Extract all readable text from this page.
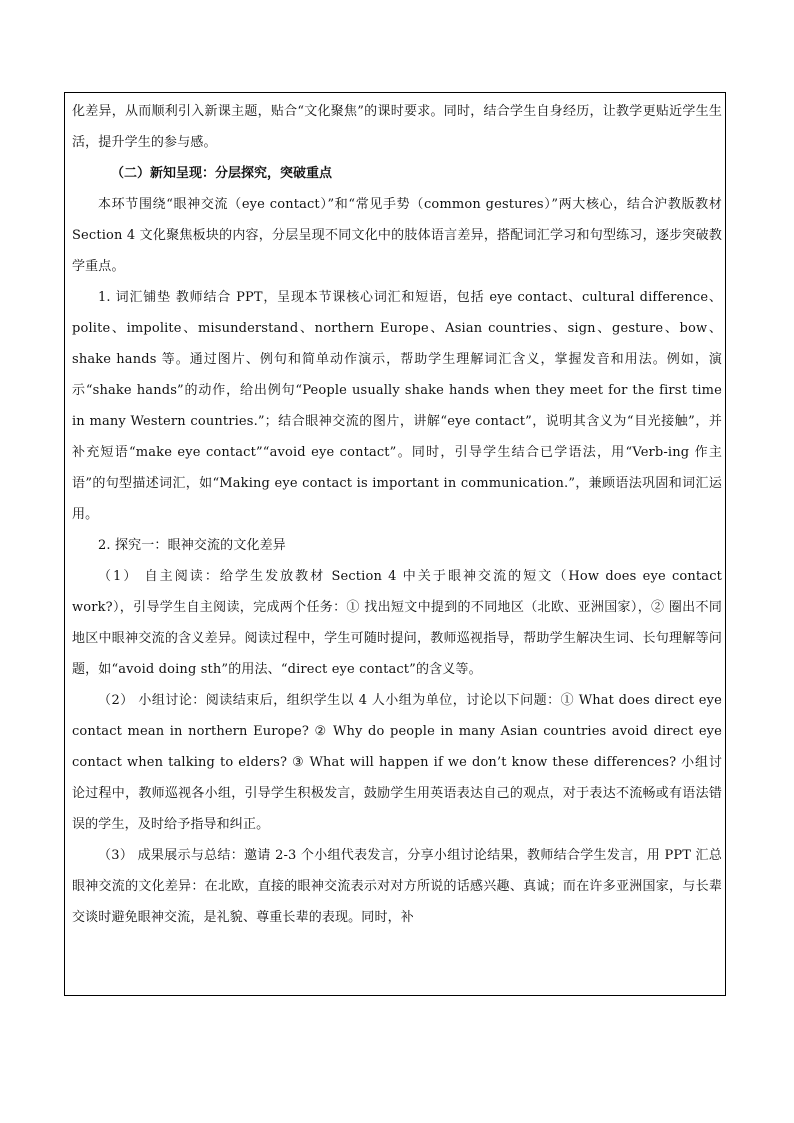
化差异，从而顺利引入新课主题，贴合“文化聚焦”的课时要求。同时，结合学生自身经历，让教学更贴近学生生活，提升学生的参与感。

（二）新知呈现：分层探究，突破重点

本环节围绕“眼神交流（eye contact）”和“常见手势（common gestures）”两大核心，结合沪教版教材 Section 4 文化聚焦板块的内容，分层呈现不同文化中的肢体语言差异，搭配词汇学习和句型练习，逐步突破教学重点。

1. 词汇铺垫 教师结合 PPT，呈现本节课核心词汇和短语，包括 eye contact、cultural difference、polite、impolite、misunderstand、northern Europe、Asian countries、sign、gesture、bow、shake hands 等。通过图片、例句和简单动作演示，帮助学生理解词汇含义，掌握发音和用法。例如，演示“shake hands”的动作，给出例句“People usually shake hands when they meet for the first time in many Western countries.”；结合眼神交流的图片，讲解“eye contact”，说明其含义为“目光接触”，并补充短语“make eye contact”“avoid eye contact”。同时，引导学生结合已学语法，用“Verb-ing 作主语”的句型描述词汇，如“Making eye contact is important in communication.”，兼顾语法巩固和词汇运用。

2. 探究一：眼神交流的文化差异

（1） 自主阅读：给学生发放教材 Section 4 中关于眼神交流的短文（How does eye contact work?），引导学生自主阅读，完成两个任务：① 找出短文中提到的不同地区（北欧、亚洲国家），② 圈出不同地区中眼神交流的含义差异。阅读过程中，学生可随时提问，教师巡视指导，帮助学生解决生词、长句理解等问题，如“avoid doing sth”的用法、“direct eye contact”的含义等。

（2） 小组讨论：阅读结束后，组织学生以 4 人小组为单位，讨论以下问题：① What does direct eye contact mean in northern Europe? ② Why do people in many Asian countries avoid direct eye contact when talking to elders? ③ What will happen if we don’t know these differences? 小组讨论过程中，教师巡视各小组，引导学生积极发言，鼓励学生用英语表达自己的观点，对于表达不流畅或有语法错误的学生，及时给予指导和纠正。

（3） 成果展示与总结：邀请 2-3 个小组代表发言，分享小组讨论结果，教师结合学生发言，用 PPT 汇总眼神交流的文化差异：在北欧，直接的眼神交流表示对对方所说的话感兴趣、真诚；而在许多亚洲国家，与长辈交谈时避免眼神交流，是礼貌、尊重长辈的表现。同时，补
